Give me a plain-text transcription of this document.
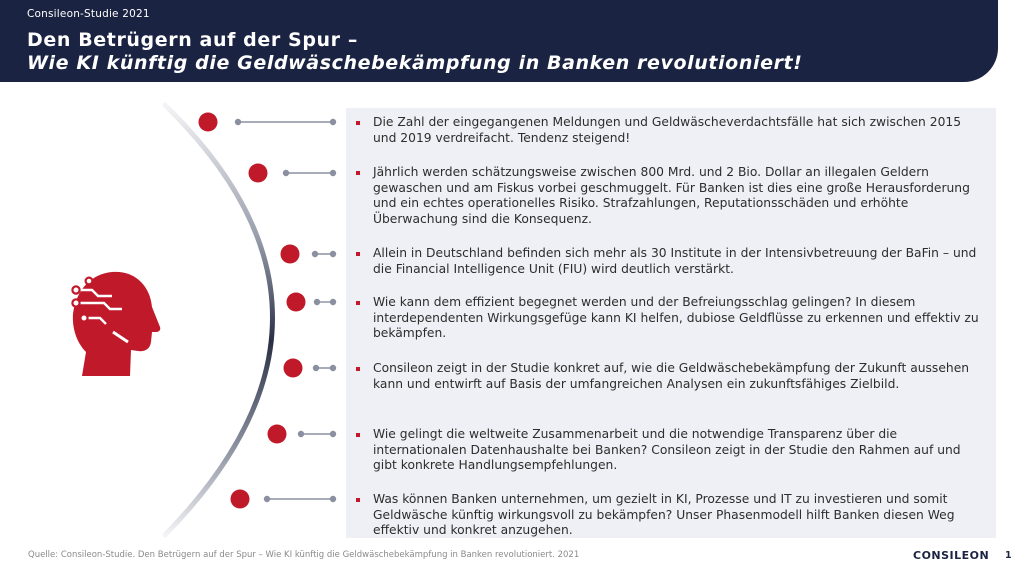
Consileon-Studie 2021
Den Betrügern auf der Spur –
Wie KI künftig die Geldwäschebekämpfung in Banken revolutioniert!
Die Zahl der eingegangenen Meldungen und Geldwäscheverdachtsfälle hat sich zwischen 2015 und 2019 verdreifacht. Tendenz steigend!
Jährlich werden schätzungsweise zwischen 800 Mrd. und 2 Bio. Dollar an illegalen Geldern gewaschen und am Fiskus vorbei geschmuggelt. Für Banken ist dies eine große Herausforderung und ein echtes operationelles Risiko. Strafzahlungen, Reputationsschäden und erhöhte Überwachung sind die Konsequenz.
Allein in Deutschland befinden sich mehr als 30 Institute in der Intensivbetreuung der BaFin – und die Financial Intelligence Unit (FIU) wird deutlich verstärkt.
Wie kann dem effizient begegnet werden und der Befreiungsschlag gelingen? In diesem interdependenten Wirkungsgefüge kann KI helfen, dubiose Geldflüsse zu erkennen und effektiv zu bekämpfen.
Consileon zeigt in der Studie konkret auf, wie die Geldwäschebekämpfung der Zukunft aussehen kann und entwirft auf Basis der umfangreichen Analysen ein zukunftsfähiges Zielbild.
Wie gelingt die weltweite Zusammenarbeit und die notwendige Transparenz über die internationalen Datenhaushalte bei Banken? Consileon zeigt in der Studie den Rahmen auf und gibt konkrete Handlungsempfehlungen.
Was können Banken unternehmen, um gezielt in KI, Prozesse und IT zu investieren und somit Geldwäsche künftig wirkungsvoll zu bekämpfen? Unser Phasenmodell hilft Banken diesen Weg effektiv und konkret anzugehen.
Quelle: Consileon-Studie. Den Betrügern auf der Spur – Wie KI künftig die Geldwäschebekämpfung in Banken revolutioniert. 2021	CONSILEON 1
